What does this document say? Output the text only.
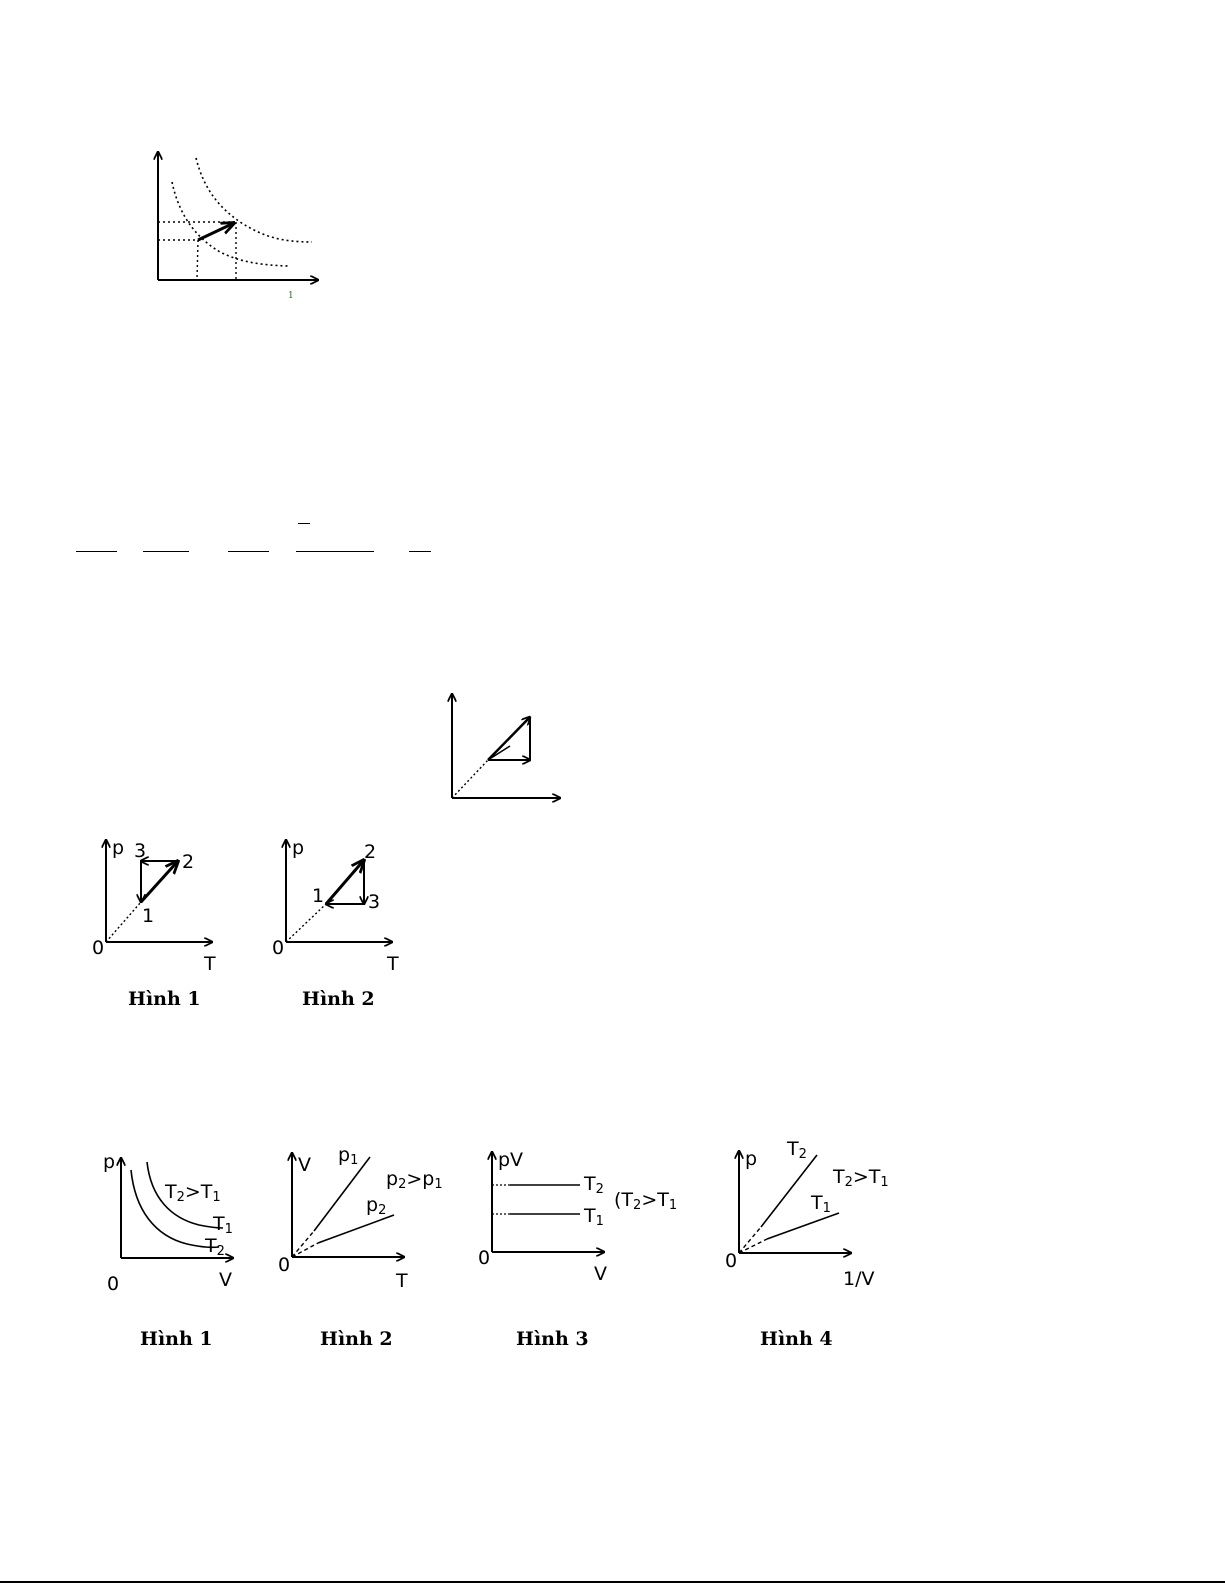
1
p
T
0
1
2
3
Hình 1
p
T
0
1
2
3
Hình 2
p
V
0
T2>T1
T1
T2
Hình 1
V
T
0
p1
p2>p1
p2
Hình 2
pV
V
0
T2
T1
(T2>T1
Hình 3
p
1/V
0
T2
T2>T1
T1
Hình 4
